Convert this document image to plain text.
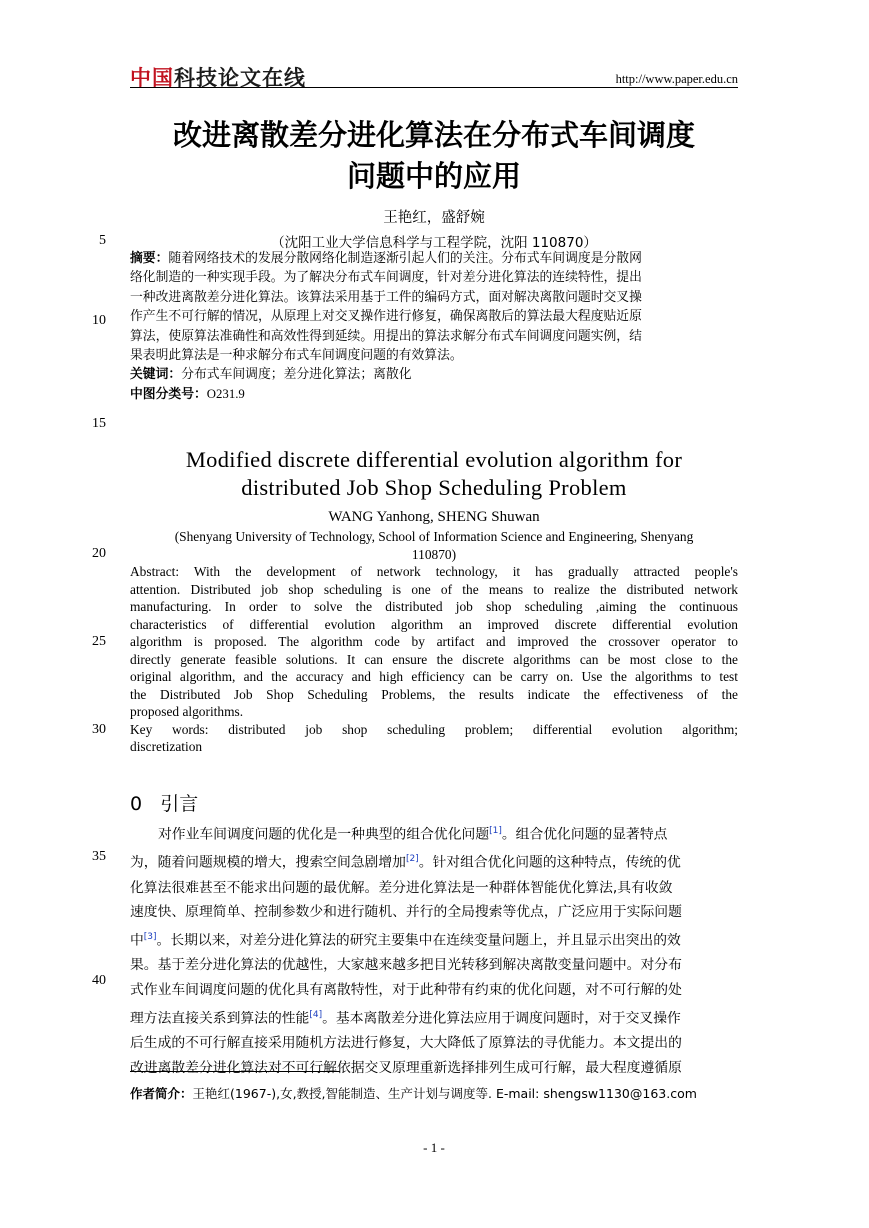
中国科技论文在线	http://www.paper.edu.cn
改进离散差分进化算法在分布式车间调度
问题中的应用
王艳红，盛舒婉
（沈阳工业大学信息科学与工程学院，沈阳 110870）
5
10
15
20
25
30
35
40
摘要：随着网络技术的发展分散网络化制造逐渐引起人们的关注。分布式车间调度是分散网
络化制造的一种实现手段。为了解决分布式车间调度，针对差分进化算法的连续特性，提出
一种改进离散差分进化算法。该算法采用基于工件的编码方式，面对解决离散问题时交叉操
作产生不可行解的情况，从原理上对交叉操作进行修复，确保离散后的算法最大程度贴近原
算法，使原算法准确性和高效性得到延续。用提出的算法求解分布式车间调度问题实例，结
果表明此算法是一种求解分布式车间调度问题的有效算法。
关键词：分布式车间调度；差分进化算法；离散化
中图分类号：O231.9
Modified discrete differential evolution algorithm for
distributed Job Shop Scheduling Problem
WANG Yanhong, SHENG Shuwan
(Shenyang University of Technology, School of Information Science and Engineering, Shenyang
110870)
Abstract: With the development of network technology, it has gradually attracted people's
attention. Distributed job shop scheduling is one of the means to realize the distributed network
manufacturing. In order to solve the distributed job shop scheduling ,aiming the continuous
characteristics of differential evolution algorithm an improved discrete differential evolution
algorithm is proposed. The algorithm code by artifact and improved the crossover operator to
directly generate feasible solutions. It can ensure the discrete algorithms can be most close to the
original algorithm, and the accuracy and high efficiency can be carry on. Use the algorithms to test
the Distributed Job Shop Scheduling Problems, the results indicate the effectiveness of the
proposed algorithms.
Key words: distributed job shop scheduling problem; differential evolution algorithm;
discretization
0 引言
对作业车间调度问题的优化是一种典型的组合优化问题[1]。组合优化问题的显著特点
为，随着问题规模的增大，搜索空间急剧增加[2]。针对组合优化问题的这种特点，传统的优
化算法很难甚至不能求出问题的最优解。差分进化算法是一种群体智能优化算法,具有收敛
速度快、原理简单、控制参数少和进行随机、并行的全局搜索等优点，广泛应用于实际问题
中[3]。长期以来，对差分进化算法的研究主要集中在连续变量问题上，并且显示出突出的效
果。基于差分进化算法的优越性，大家越来越多把目光转移到解决离散变量问题中。对分布
式作业车间调度问题的优化具有离散特性，对于此种带有约束的优化问题，对不可行解的处
理方法直接关系到算法的性能[4]。基本离散差分进化算法应用于调度问题时，对于交叉操作
后生成的不可行解直接采用随机方法进行修复，大大降低了原算法的寻优能力。本文提出的
改进离散差分进化算法对不可行解依据交叉原理重新选择排列生成可行解，最大程度遵循原
作者简介：王艳红(1967-),女,教授,智能制造、生产计划与调度等. E-mail: shengsw1130@163.com
- 1 -
